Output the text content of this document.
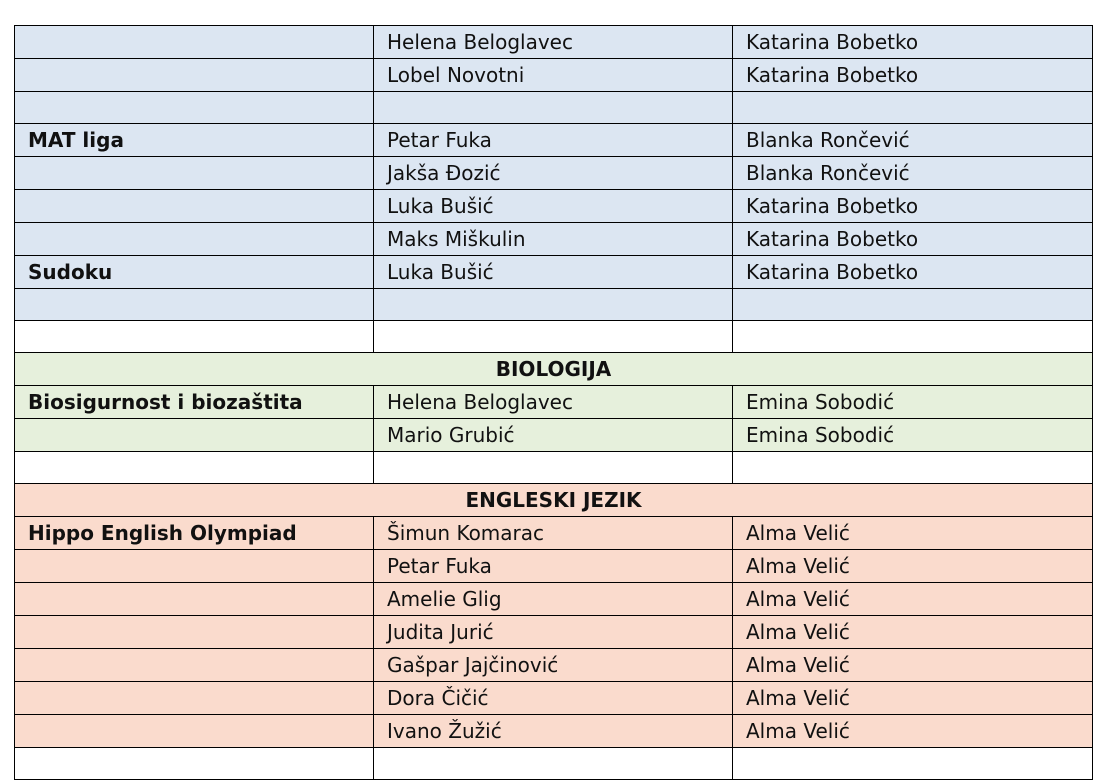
	Helena Beloglavec	Katarina Bobetko
	Lobel Novotni	Katarina Bobetko

MAT liga	Petar Fuka	Blanka Rončević
	Jakša Đozić	Blanka Rončević
	Luka Bušić	Katarina Bobetko
	Maks Miškulin	Katarina Bobetko
Sudoku	Luka Bušić	Katarina Bobetko

BIOLOGIJA		
Biosigurnost i biozaštita	Helena Beloglavec	Emina Sobodić
	Mario Grubić	Emina Sobodić

ENGLESKI JEZIK		
Hippo English Olympiad	Šimun Komarac	Alma Velić
	Petar Fuka	Alma Velić
	Amelie Glig	Alma Velić
	Judita Jurić	Alma Velić
	Gašpar Jajčinović	Alma Velić
	Dora Čičić	Alma Velić
	Ivano Žužić	Alma Velić
